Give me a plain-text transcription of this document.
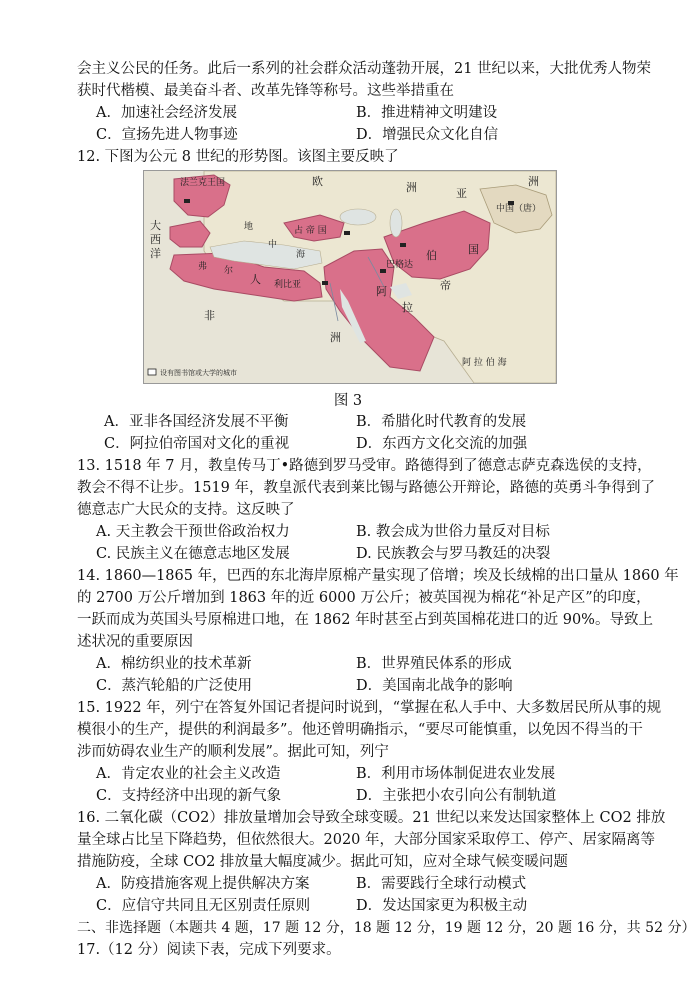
会主义公民的任务。此后一系列的社会群众活动蓬勃开展，21 世纪以来，大批优秀人物荣
获时代楷模、最美奋斗者、改革先锋等称号。这些举措重在
A．加速社会经济发展	B．推进精神文明建设
C．宣扬先进人物事迹	D．增强民众文化自信
12. 下图为公元 8 世纪的形势图。该图主要反映了
法兰克王国	欧	洲
大
西
洋
地
中
海
占 帝 国
亚
洲
中国（唐）
阿
拉
伯
帝
国
巴格达
弗 尔
人
非
洲
利比亚
阿 拉 伯 海
设有图书馆或大学的城市
图 3
A．亚非各国经济发展不平衡	B．希腊化时代教育的发展
C．阿拉伯帝国对文化的重视	D．东西方文化交流的加强
13. 1518 年 7 月，教皇传马丁•路德到罗马受审。路德得到了德意志萨克森选侯的支持，
教会不得不让步。1519 年，教皇派代表到莱比锡与路德公开辩论，路德的英勇斗争得到了
德意志广大民众的支持。这反映了
A. 天主教会干预世俗政治权力	B. 教会成为世俗力量反对目标
C. 民族主义在德意志地区发展	D. 民族教会与罗马教廷的决裂
14. 1860—1865 年，巴西的东北海岸原棉产量实现了倍增；埃及长绒棉的出口量从 1860 年
的 2700 万公斤增加到 1863 年的近 6000 万公斤；被英国视为棉花“补足产区”的印度，
一跃而成为英国头号原棉进口地，在 1862 年时甚至占到英国棉花进口的近 90%。导致上
述状况的重要原因
A．棉纺织业的技术革新	B．世界殖民体系的形成
C．蒸汽轮船的广泛使用	D．美国南北战争的影响
15. 1922 年，列宁在答复外国记者提问时说到，“掌握在私人手中、大多数居民所从事的规
模很小的生产，提供的利润最多”。他还曾明确指示，“要尽可能慎重，以免因不得当的干
涉而妨碍农业生产的顺利发展”。据此可知，列宁
A．肯定农业的社会主义改造	B．利用市场体制促进农业发展
C．支持经济中出现的新气象	D．主张把小农引向公有制轨道
16. 二氧化碳（CO2）排放量增加会导致全球变暖。21 世纪以来发达国家整体上 CO2 排放
量全球占比呈下降趋势，但依然很大。2020 年，大部分国家采取停工、停产、居家隔离等
措施防疫，全球 CO2 排放量大幅度减少。据此可知，应对全球气候变暖问题
A．防疫措施客观上提供解决方案	B．需要践行全球行动模式
C．应信守共同且无区别责任原则	D．发达国家更为积极主动
二、非选择题（本题共 4 题，17 题 12 分，18 题 12 分，19 题 12 分，20 题 16 分，共 52 分）
17.（12 分）阅读下表，完成下列要求。
